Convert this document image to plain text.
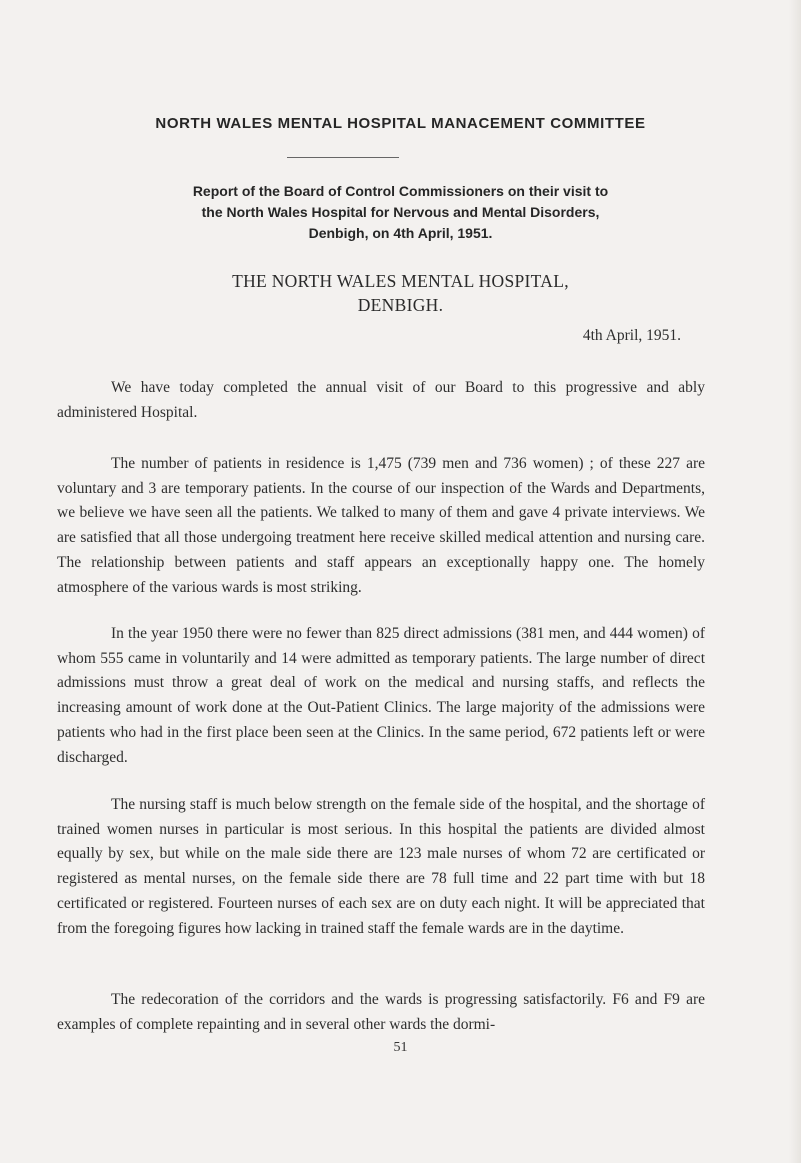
NORTH WALES MENTAL HOSPITAL MANACEMENT COMMITTEE
Report of the Board of Control Commissioners on their visit to
the North Wales Hospital for Nervous and Mental Disorders,
Denbigh, on 4th April, 1951.
THE NORTH WALES MENTAL HOSPITAL,
DENBIGH.
4th April, 1951.

We have today completed the annual visit of our Board to this progressive and ably administered Hospital.

The number of patients in residence is 1,475 (739 men and 736 women) ; of these 227 are voluntary and 3 are temporary patients. In the course of our inspection of the Wards and Departments, we believe we have seen all the patients. We talked to many of them and gave 4 private interviews. We are satisfied that all those undergoing treatment here receive skilled medical attention and nursing care. The relationship between patients and staff appears an exceptionally happy one. The homely atmosphere of the various wards is most striking.

In the year 1950 there were no fewer than 825 direct admissions (381 men, and 444 women) of whom 555 came in voluntarily and 14 were admitted as temporary patients. The large number of direct admissions must throw a great deal of work on the medical and nursing staffs, and reflects the increasing amount of work done at the Out-Patient Clinics. The large majority of the admissions were patients who had in the first place been seen at the Clinics. In the same period, 672 patients left or were discharged.

The nursing staff is much below strength on the female side of the hospital, and the shortage of trained women nurses in particular is most serious. In this hospital the patients are divided almost equally by sex, but while on the male side there are 123 male nurses of whom 72 are certificated or registered as mental nurses, on the female side there are 78 full time and 22 part time with but 18 certificated or registered. Fourteen nurses of each sex are on duty each night. It will be appreciated that from the foregoing figures how lacking in trained staff the female wards are in the daytime.

The redecoration of the corridors and the wards is progressing satisfactorily. F6 and F9 are examples of complete repainting and in several other wards the dormi-

51
